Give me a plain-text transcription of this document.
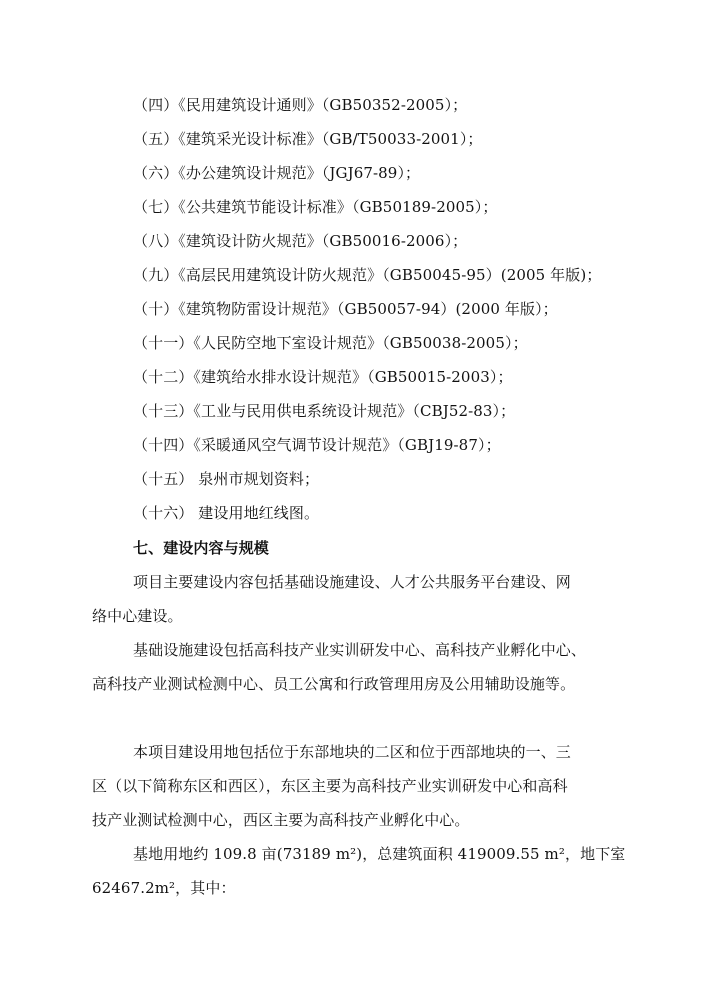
（四）《民用建筑设计通则》（GB50352-2005）；
（五）《建筑采光设计标准》（GB/T50033-2001）；
（六）《办公建筑设计规范》（JGJ67-89）；
（七）《公共建筑节能设计标准》（GB50189-2005）；
（八）《建筑设计防火规范》（GB50016-2006）；
（九）《高层民用建筑设计防火规范》（GB50045-95）(2005 年版)；
（十）《建筑物防雷设计规范》（GB50057-94）(2000 年版）；
（十一）《人民防空地下室设计规范》（GB50038-2005）；
（十二）《建筑给水排水设计规范》（GB50015-2003）；
（十三）《工业与民用供电系统设计规范》（CBJ52-83）；
（十四）《采暖通风空气调节设计规范》（GBJ19-87）；
（十五） 泉州市规划资料；
（十六） 建设用地红线图。
七、建设内容与规模
项目主要建设内容包括基础设施建设、人才公共服务平台建设、网
络中心建设。
基础设施建设包括高科技产业实训研发中心、高科技产业孵化中心、
高科技产业测试检测中心、员工公寓和行政管理用房及公用辅助设施等。
本项目建设用地包括位于东部地块的二区和位于西部地块的一、三
区（以下简称东区和西区），东区主要为高科技产业实训研发中心和高科
技产业测试检测中心，西区主要为高科技产业孵化中心。
基地用地约 109.8 亩(73189 m²)，总建筑面积 419009.55 m²，地下室
62467.2m²，其中：
